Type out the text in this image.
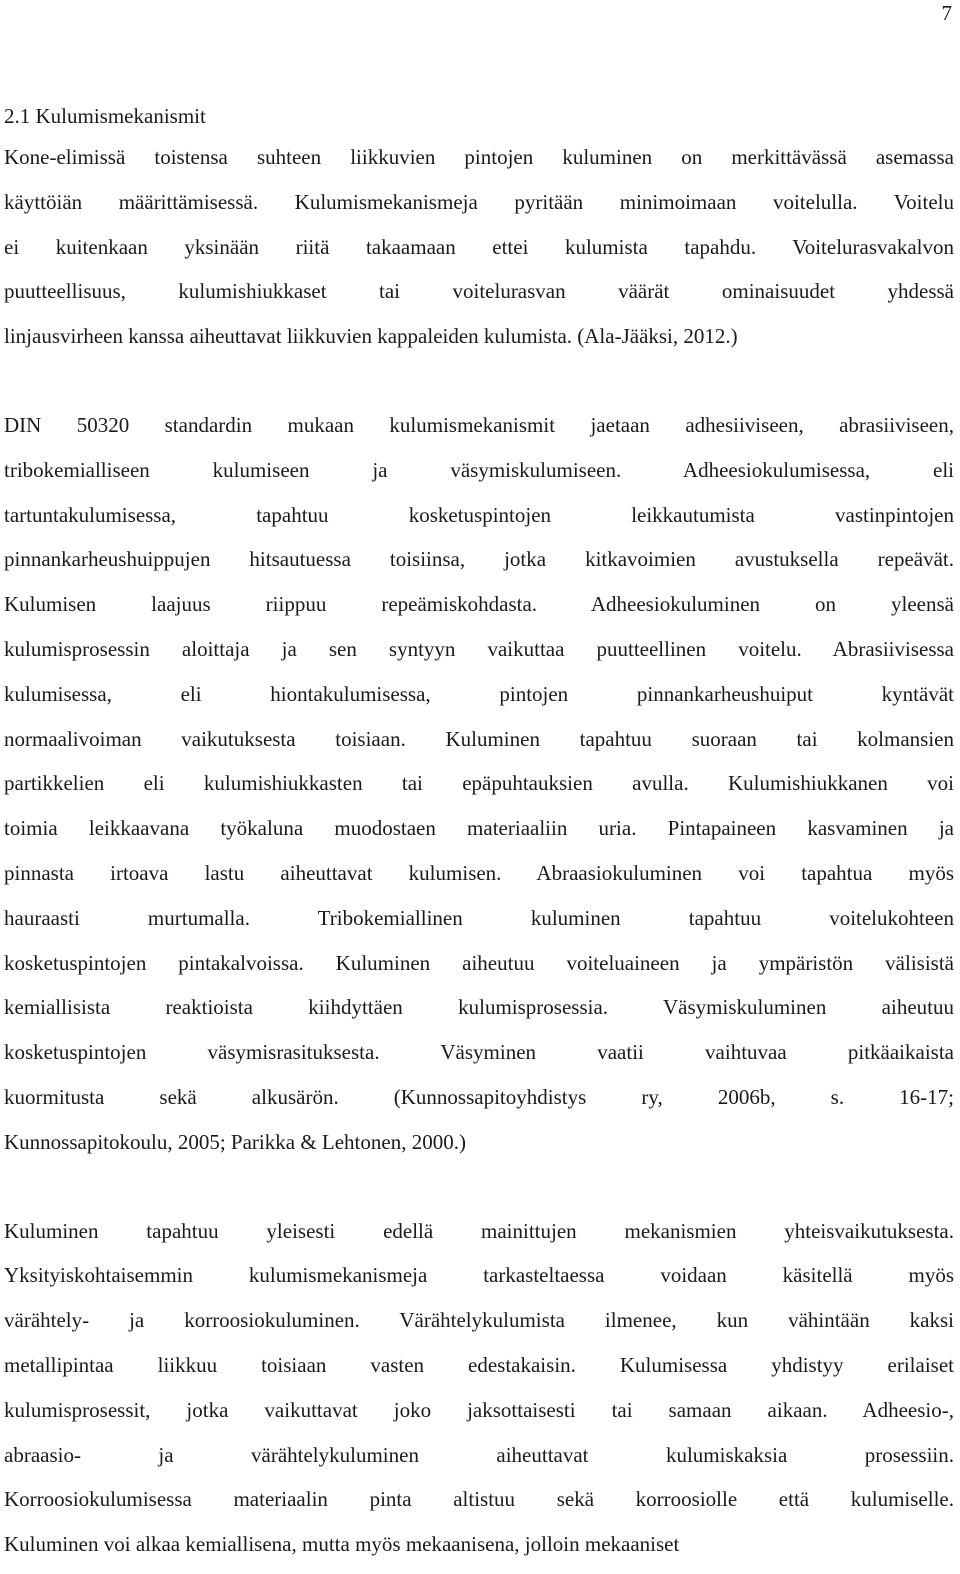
7
2.1 Kulumismekanismit
Kone-elimissä toistensa suhteen liikkuvien pintojen kuluminen on merkittävässä asemassa
käyttöiän määrittämisessä. Kulumismekanismeja pyritään minimoimaan voitelulla. Voitelu
ei kuitenkaan yksinään riitä takaamaan ettei kulumista tapahdu. Voitelurasvakalvon
puutteellisuus, kulumishiukkaset tai voitelurasvan väärät ominaisuudet yhdessä
linjausvirheen kanssa aiheuttavat liikkuvien kappaleiden kulumista. (Ala-Jääksi, 2012.)
DIN 50320 standardin mukaan kulumismekanismit jaetaan adhesiiviseen, abrasiiviseen,
tribokemialliseen kulumiseen ja väsymiskulumiseen. Adheesiokulumisessa, eli
tartuntakulumisessa, tapahtuu kosketuspintojen leikkautumista vastinpintojen
pinnankarheushuippujen hitsautuessa toisiinsa, jotka kitkavoimien avustuksella repeävät.
Kulumisen laajuus riippuu repeämiskohdasta. Adheesiokuluminen on yleensä
kulumisprosessin aloittaja ja sen syntyyn vaikuttaa puutteellinen voitelu. Abrasiivisessa
kulumisessa, eli hiontakulumisessa, pintojen pinnankarheushuiput kyntävät
normaalivoiman vaikutuksesta toisiaan. Kuluminen tapahtuu suoraan tai kolmansien
partikkelien eli kulumishiukkasten tai epäpuhtauksien avulla. Kulumishiukkanen voi
toimia leikkaavana työkaluna muodostaen materiaaliin uria. Pintapaineen kasvaminen ja
pinnasta irtoava lastu aiheuttavat kulumisen. Abraasiokuluminen voi tapahtua myös
hauraasti murtumalla. Tribokemiallinen kuluminen tapahtuu voitelukohteen
kosketuspintojen pintakalvoissa. Kuluminen aiheutuu voiteluaineen ja ympäristön välisistä
kemiallisista reaktioista kiihdyttäen kulumisprosessia. Väsymiskuluminen aiheutuu
kosketuspintojen väsymisrasituksesta. Väsyminen vaatii vaihtuvaa pitkäaikaista
kuormitusta sekä alkusärön. (Kunnossapitoyhdistys ry, 2006b, s. 16-17;
Kunnossapitokoulu, 2005; Parikka & Lehtonen, 2000.)
Kuluminen tapahtuu yleisesti edellä mainittujen mekanismien yhteisvaikutuksesta.
Yksityiskohtaisemmin kulumismekanismeja tarkasteltaessa voidaan käsitellä myös
värähtely- ja korroosiokuluminen. Värähtelykulumista ilmenee, kun vähintään kaksi
metallipintaa liikkuu toisiaan vasten edestakaisin. Kulumisessa yhdistyy erilaiset
kulumisprosessit, jotka vaikuttavat joko jaksottaisesti tai samaan aikaan. Adheesio-,
abraasio- ja värähtelykuluminen aiheuttavat kulumiskaksia prosessiin.
Korroosiokulumisessa materiaalin pinta altistuu sekä korroosiolle että kulumiselle.
Kuluminen voi alkaa kemiallisena, mutta myös mekaanisena, jolloin mekaaniset
